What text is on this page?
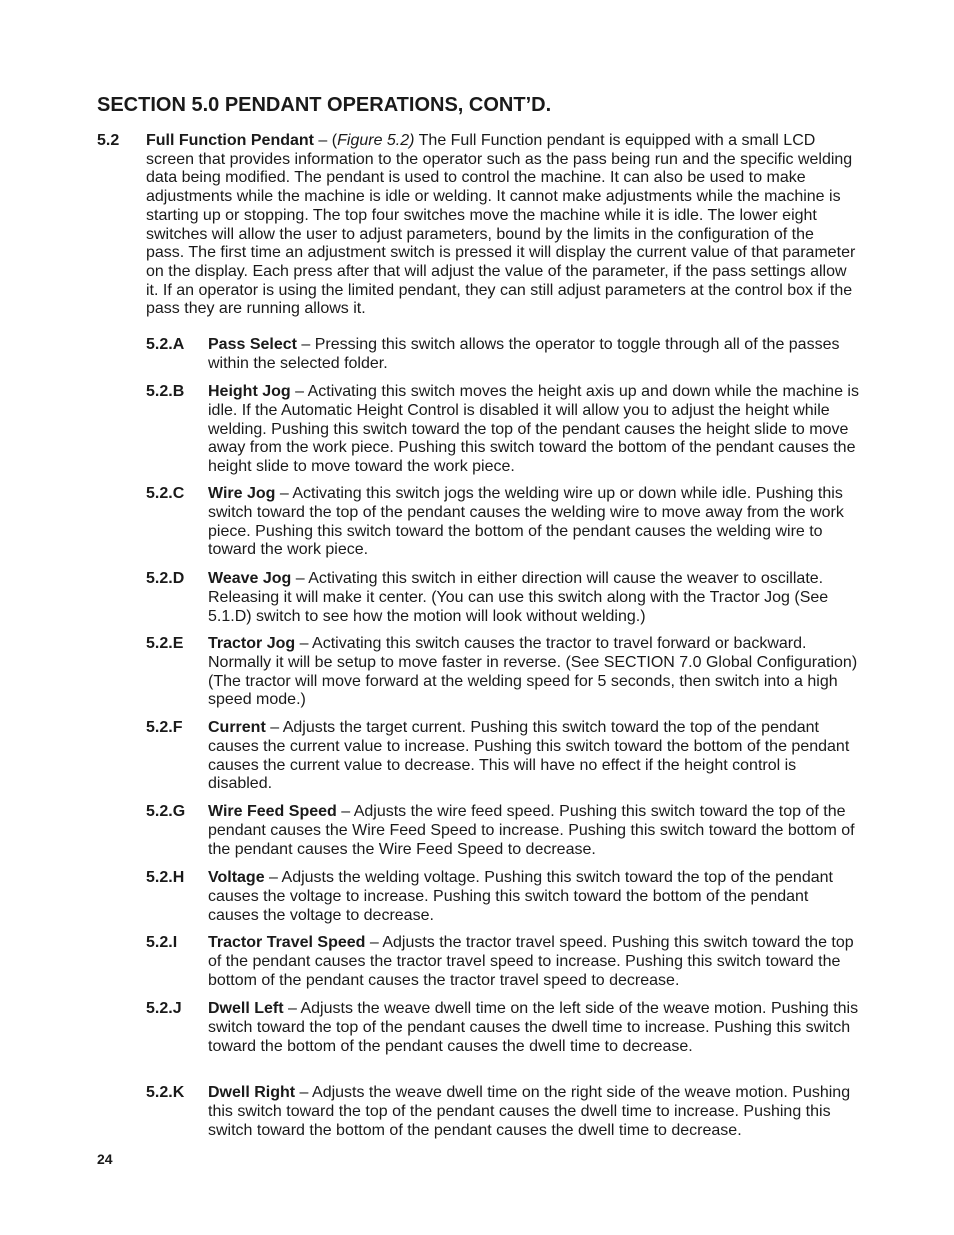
SECTION 5.0 PENDANT OPERATIONS, CONT’D.
5.2 Full Function Pendant – (Figure 5.2) The Full Function pendant is equipped with a small LCD screen that provides information to the operator such as the pass being run and the specific welding data being modified. The pendant is used to control the machine. It can also be used to make adjustments while the machine is idle or welding. It cannot make adjustments while the machine is starting up or stopping. The top four switches move the machine while it is idle. The lower eight switches will allow the user to adjust parameters, bound by the limits in the configuration of the pass. The first time an adjustment switch is pressed it will display the current value of that parameter on the display. Each press after that will adjust the value of the parameter, if the pass settings allow it. If an operator is using the limited pendant, they can still adjust parameters at the control box if the pass they are running allows it.

5.2.A Pass Select – Pressing this switch allows the operator to toggle through all of the passes within the selected folder.
5.2.B Height Jog – Activating this switch moves the height axis up and down while the machine is idle. If the Automatic Height Control is disabled it will allow you to adjust the height while welding. Pushing this switch toward the top of the pendant causes the height slide to move away from the work piece. Pushing this switch toward the bottom of the pendant causes the height slide to move toward the work piece.
5.2.C Wire Jog – Activating this switch jogs the welding wire up or down while idle. Pushing this switch toward the top of the pendant causes the welding wire to move away from the work piece. Pushing this switch toward the bottom of the pendant causes the welding wire to toward the work piece.
5.2.D Weave Jog – Activating this switch in either direction will cause the weaver to oscillate. Releasing it will make it center. (You can use this switch along with the Tractor Jog (See 5.1.D) switch to see how the motion will look without welding.)
5.2.E Tractor Jog – Activating this switch causes the tractor to travel forward or backward. Normally it will be setup to move faster in reverse. (See SECTION 7.0 Global Configuration) (The tractor will move forward at the welding speed for 5 seconds, then switch into a high speed mode.)
5.2.F Current – Adjusts the target current. Pushing this switch toward the top of the pendant causes the current value to increase. Pushing this switch toward the bottom of the pendant causes the current value to decrease. This will have no effect if the height control is disabled.
5.2.G Wire Feed Speed – Adjusts the wire feed speed. Pushing this switch toward the top of the pendant causes the Wire Feed Speed to increase. Pushing this switch toward the bottom of the pendant causes the Wire Feed Speed to decrease.
5.2.H Voltage – Adjusts the welding voltage. Pushing this switch toward the top of the pendant causes the voltage to increase. Pushing this switch toward the bottom of the pendant causes the voltage to decrease.
5.2.I Tractor Travel Speed – Adjusts the tractor travel speed. Pushing this switch toward the top of the pendant causes the tractor travel speed to increase. Pushing this switch toward the bottom of the pendant causes the tractor travel speed to decrease.
5.2.J Dwell Left – Adjusts the weave dwell time on the left side of the weave motion. Pushing this switch toward the top of the pendant causes the dwell time to increase. Pushing this switch toward the bottom of the pendant causes the dwell time to decrease.
5.2.K Dwell Right – Adjusts the weave dwell time on the right side of the weave motion. Pushing this switch toward the top of the pendant causes the dwell time to increase. Pushing this switch toward the bottom of the pendant causes the dwell time to decrease.
24
